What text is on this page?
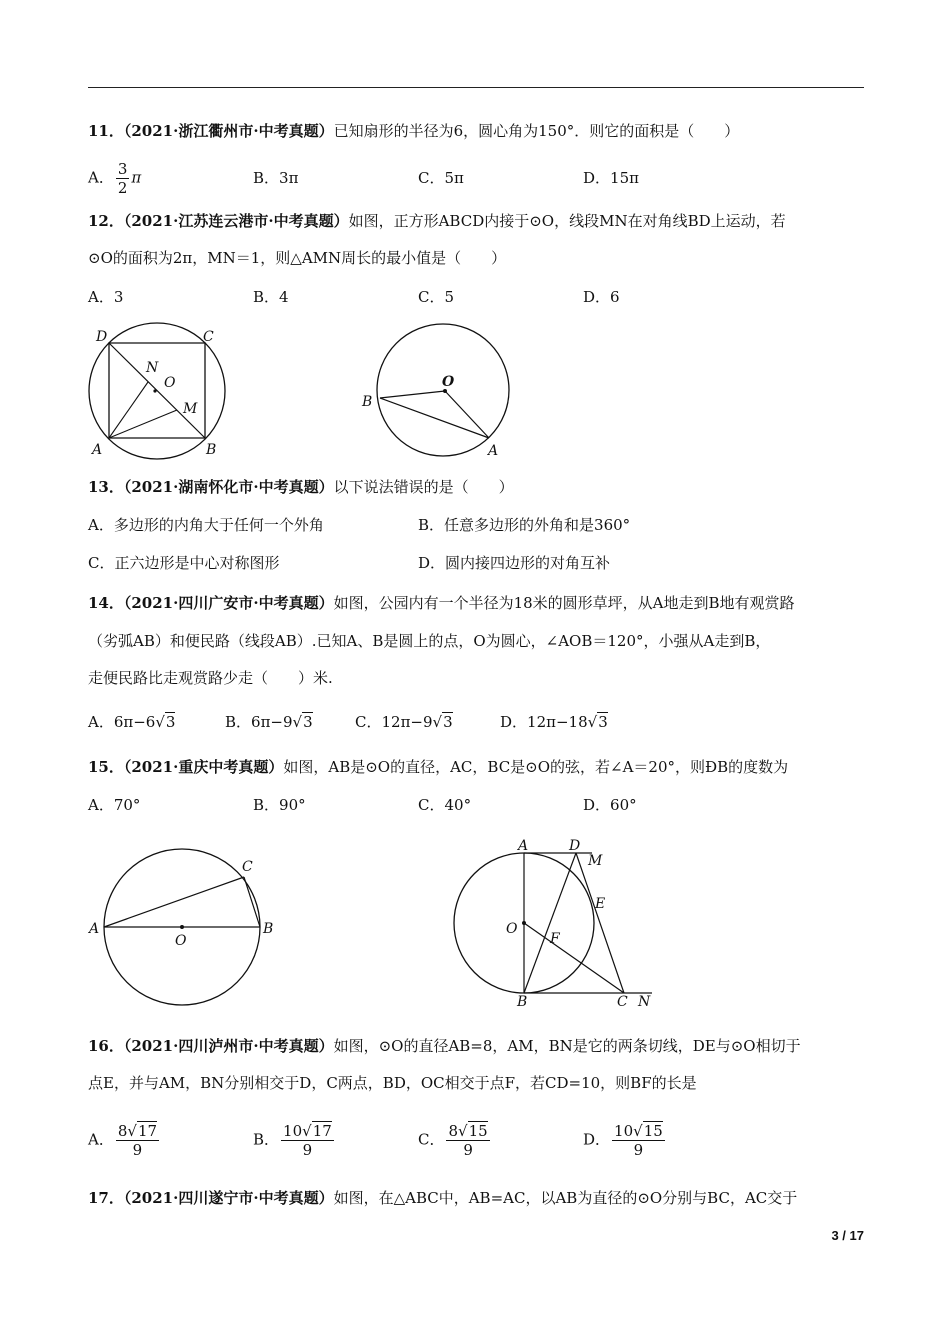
11．（2021·浙江衢州市·中考真题）已知扇形的半径为6，圆心角为150°．则它的面积是（　　）
A． $\frac{3}{2}$ π	B．3π	C．5π	D．15π
12．（2021·江苏连云港市·中考真题）如图，正方形ABCD内接于⊙O，线段MN在对角线BD上运动，若
⊙O的面积为2π，MN＝1，则△AMN周长的最小值是（　　）
A．3	B．4	C．5	D．6
D	C
N
O
M
A	B
O
B
A
13．（2021·湖南怀化市·中考真题）以下说法错误的是（　　）
A．多边形的内角大于任何一个外角	B．任意多边形的外角和是360°
C．正六边形是中心对称图形	D．圆内接四边形的对角互补
14．（2021·四川广安市·中考真题）如图，公园内有一个半径为18米的圆形草坪，从A地走到B地有观赏路
（劣弧AB）和便民路（线段AB）.已知A、B是圆上的点，O为圆心，∠AOB＝120°，小强从A走到B，
走便民路比走观赏路少走（　　）米.
A．6π−6√3	B．6π−9√3	C．12π−9√3	D．12π−18√3
15．（2021·重庆中考真题）如图，AB是⊙O的直径，AC，BC是⊙O的弦，若∠A＝20°，则ÐB的度数为
A．70°	B．90°	C．40°	D．60°
A	B
C
O
A	D
M
E
O
F
B	C N
16．（2021·四川泸州市·中考真题）如图，⊙O的直径AB=8，AM，BN是它的两条切线，DE与⊙O相切于
点E，并与AM，BN分别相交于D，C两点，BD，OC相交于点F，若CD=10，则BF的长是
A． $\frac{8√17}{9}$	B． $\frac{10√17}{9}$	C． $\frac{8√15}{9}$	D． $\frac{10√15}{9}$
17．（2021·四川遂宁市·中考真题）如图，在△ABC中，AB=AC，以AB为直径的⊙O分别与BC，AC交于
3 / 17
